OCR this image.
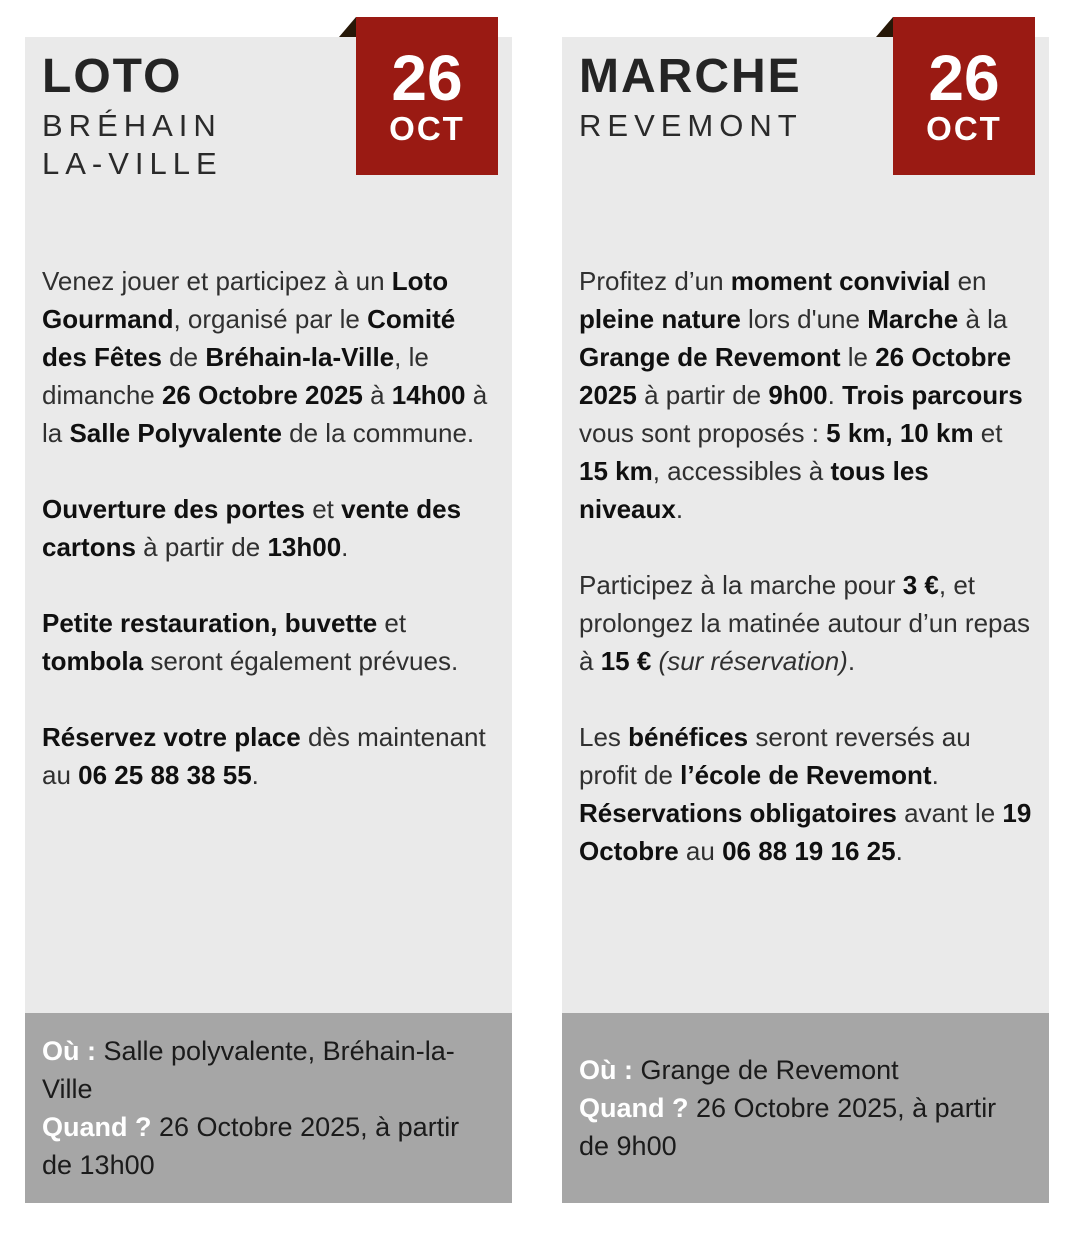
26
OCT
LOTO
BRÉHAIN
LA-VILLE

Venez jouer et participez à un Loto Gourmand, organisé par le Comité des Fêtes de Bréhain-la-Ville, le dimanche 26 Octobre 2025 à 14h00 à la Salle Polyvalente de la commune.

Ouverture des portes et vente des cartons à partir de 13h00.

Petite restauration, buvette et tombola seront également prévues.

Réservez votre place dès maintenant au 06 25 88 38 55.

Où : Salle polyvalente, Bréhain-la-Ville
Quand ? 26 Octobre 2025, à partir de 13h00
26
OCT
MARCHE
REVEMONT

Profitez d’un moment convivial en pleine nature lors d'une Marche à la Grange de Revemont le 26 Octobre 2025 à partir de 9h00. Trois parcours vous sont proposés : 5 km, 10 km et 15 km, accessibles à tous les niveaux.

Participez à la marche pour 3 €, et prolongez la matinée autour d’un repas à 15 € (sur réservation).

Les bénéfices seront reversés au profit de l’école de Revemont. Réservations obligatoires avant le 19 Octobre au 06 88 19 16 25.

Où : Grange de Revemont
Quand ? 26 Octobre 2025, à partir de 9h00
